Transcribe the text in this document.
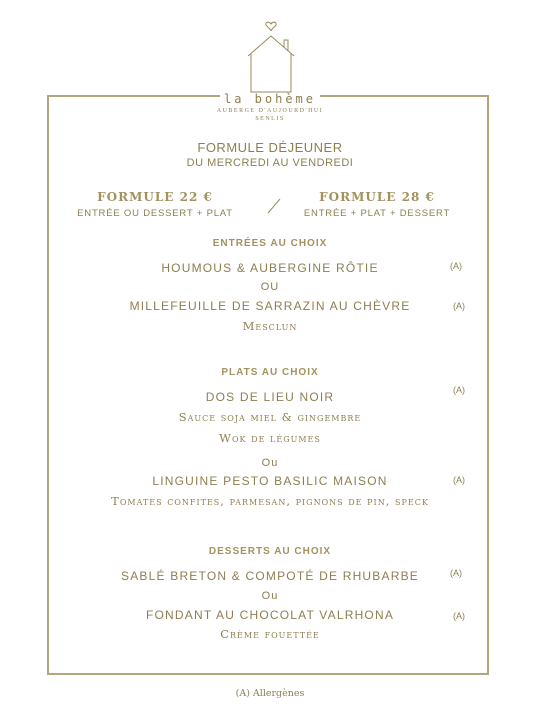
la bohème
AUBERGE D'AUJOURD'HUI
SENLIS
FORMULE DÉJEUNER
DU MERCREDI AU VENDREDI
FORMULE 22 €
ENTRÉE OU DESSERT + PLAT
FORMULE 28 €
ENTRÉE + PLAT + DESSERT
ENTRÉES AU CHOIX
HOUMOUS & AUBERGINE RÔTIE	(A)
OU
MILLEFEUILLE DE SARRAZIN AU CHÈVRE	(A)
Mesclun
PLATS AU CHOIX
(A)
DOS DE LIEU NOIR
Sauce soja miel & gingembre
Wok de légumes
Ou
LINGUINE PESTO BASILIC MAISON	(A)
Tomates confites, parmesan, pignons de pin, speck
DESSERTS AU CHOIX
SABLÉ BRETON & COMPOTÉ DE RHUBARBE	(A)
Ou
FONDANT AU CHOCOLAT VALRHONA	(A)
Crème fouettée
(A) Allergènes
